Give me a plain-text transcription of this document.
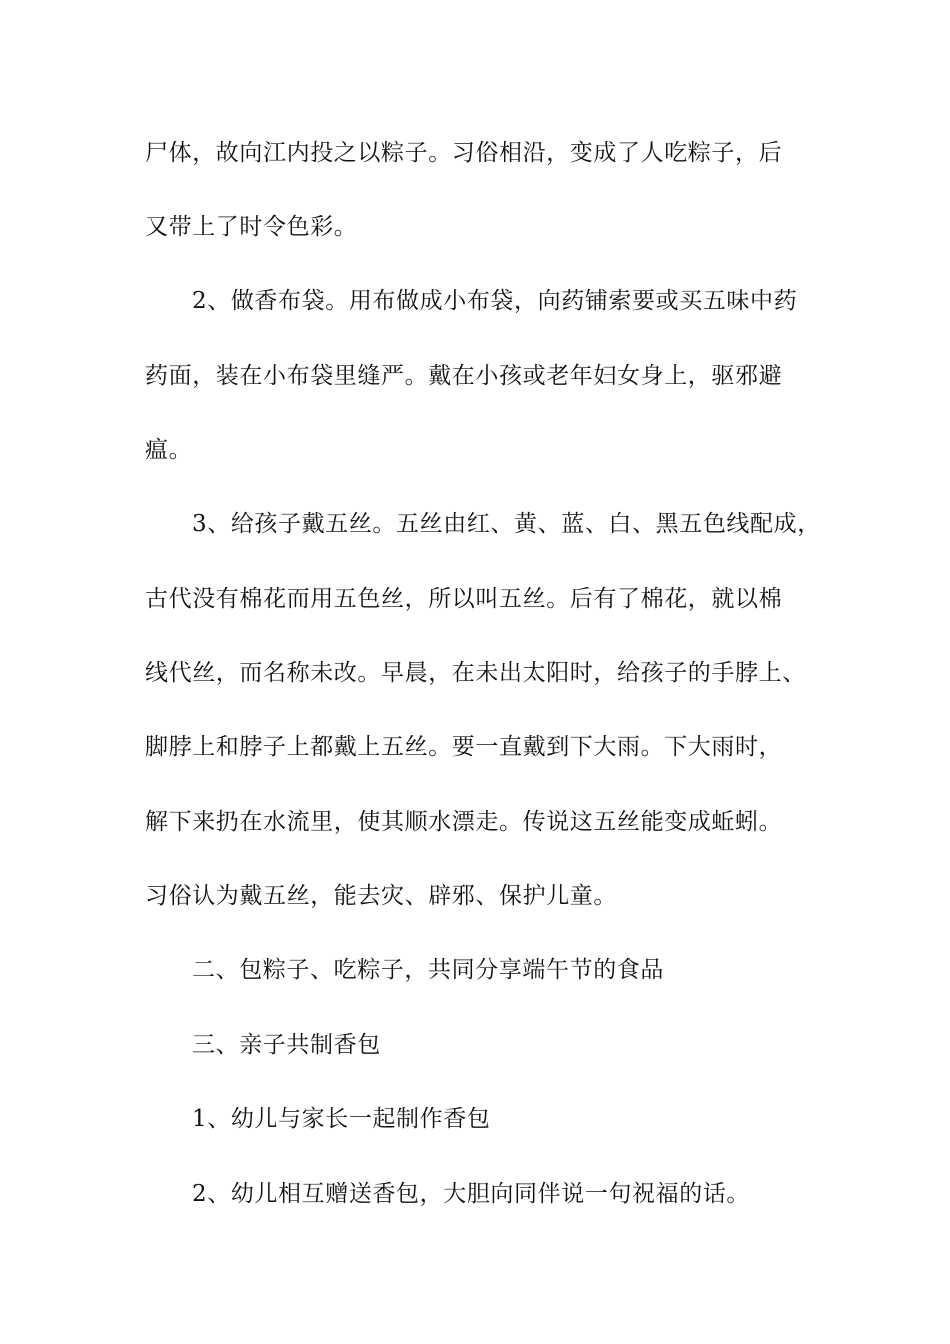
尸体，故向江内投之以粽子。习俗相沿，变成了人吃粽子，后
又带上了时令色彩。
2、做香布袋。用布做成小布袋，向药铺索要或买五味中药
药面，装在小布袋里缝严。戴在小孩或老年妇女身上，驱邪避
瘟。
3、给孩子戴五丝。五丝由红、黄、蓝、白、黑五色线配成，
古代没有棉花而用五色丝，所以叫五丝。后有了棉花，就以棉
线代丝，而名称未改。早晨，在未出太阳时，给孩子的手脖上、
脚脖上和脖子上都戴上五丝。要一直戴到下大雨。下大雨时，
解下来扔在水流里，使其顺水漂走。传说这五丝能变成蚯蚓。
习俗认为戴五丝，能去灾、辟邪、保护儿童。
二、包粽子、吃粽子，共同分享端午节的食品
三、亲子共制香包
1、幼儿与家长一起制作香包
2、幼儿相互赠送香包，大胆向同伴说一句祝福的话。
